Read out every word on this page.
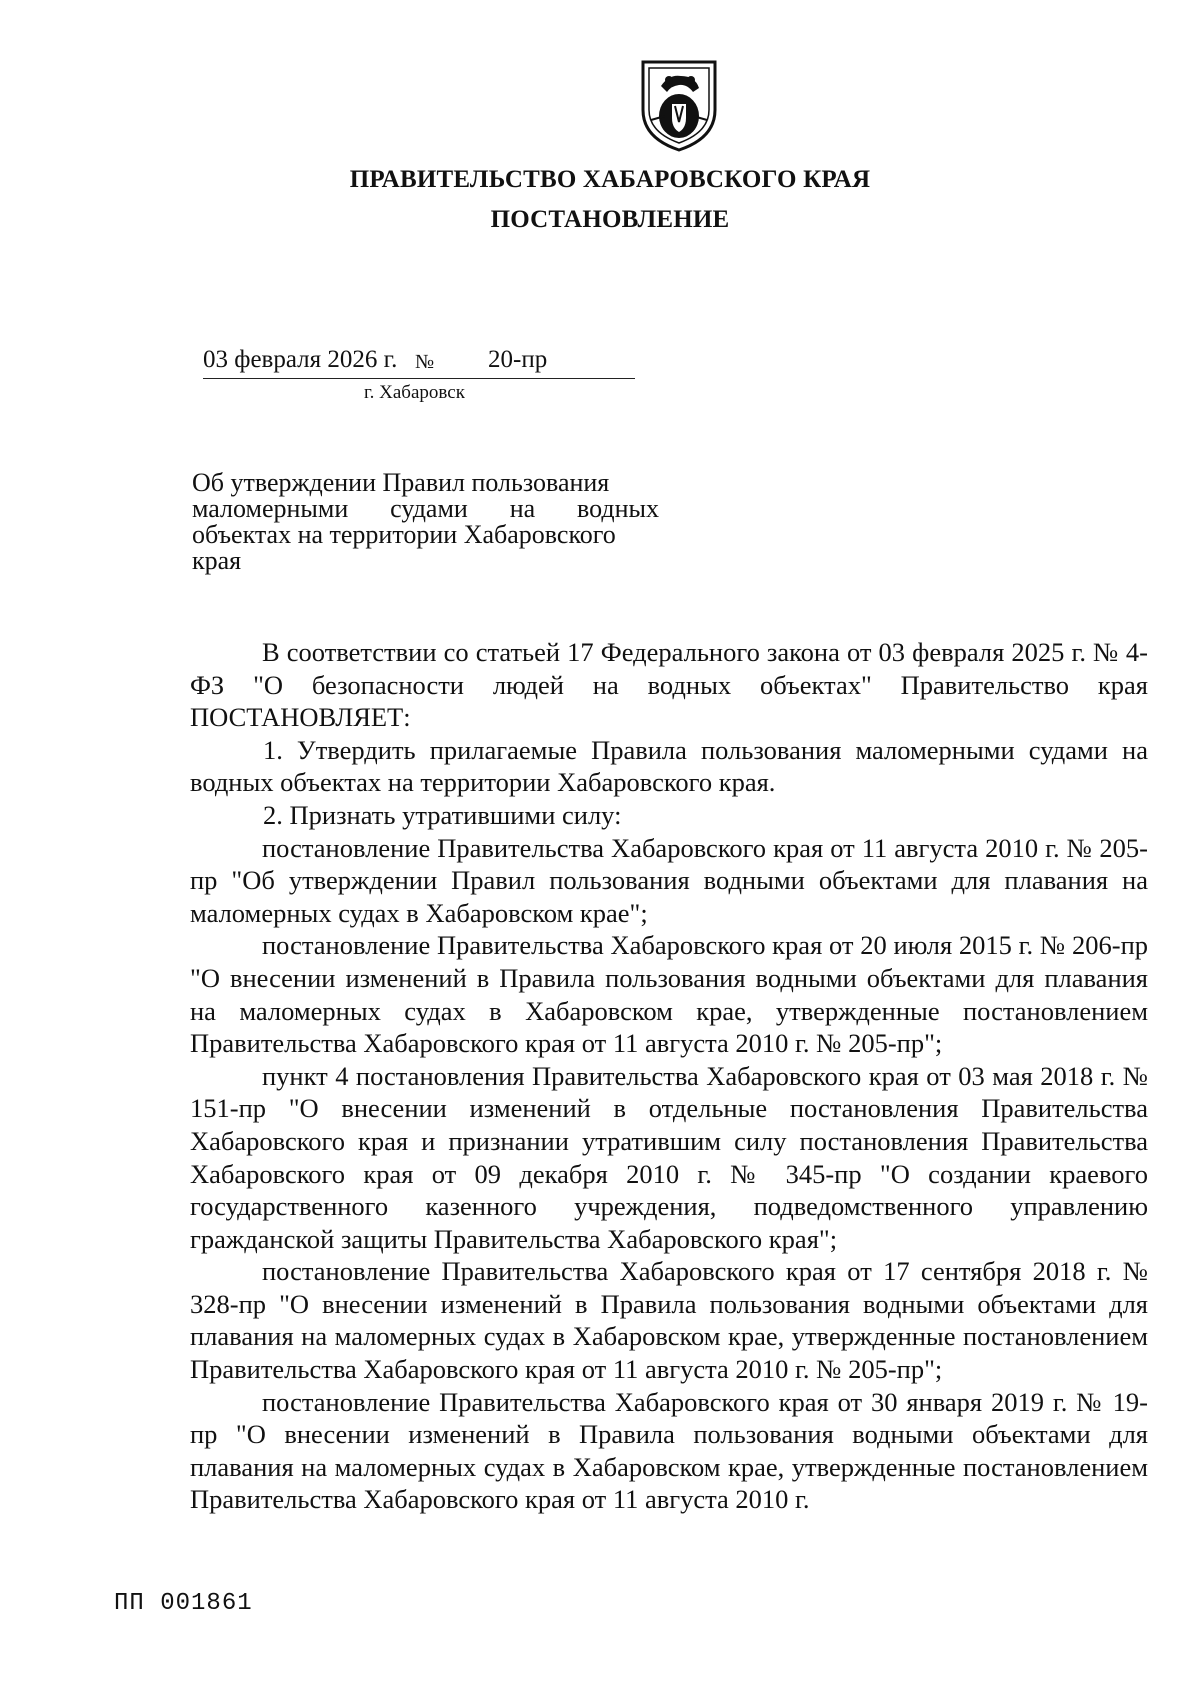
ПРАВИТЕЛЬСТВО ХАБАРОВСКОГО КРАЯ
ПОСТАНОВЛЕНИЕ
03 февраля 2026 г. № 20-пр
г. Хабаровск
Об утверждении Правил пользования
маломерными судами на водных
объектах на территории Хабаровского
края

В соответствии со статьей 17 Федерального закона от 03 февраля 2025 г. № 4-ФЗ "О безопасности людей на водных объектах" Правительство края ПОСТАНОВЛЯЕТ:

1. Утвердить прилагаемые Правила пользования маломерными судами на водных объектах на территории Хабаровского края.

2. Признать утратившими силу:

постановление Правительства Хабаровского края от 11 августа 2010 г. № 205-пр "Об утверждении Правил пользования водными объектами для плавания на маломерных судах в Хабаровском крае";

постановление Правительства Хабаровского края от 20 июля 2015 г. № 206-пр "О внесении изменений в Правила пользования водными объектами для плавания на маломерных судах в Хабаровском крае, утвержденные постановлением Правительства Хабаровского края от 11 августа 2010 г. № 205-пр";

пункт 4 постановления Правительства Хабаровского края от 03 мая 2018 г. № 151-пр "О внесении изменений в отдельные постановления Правительства Хабаровского края и признании утратившим силу постановления Правительства Хабаровского края от 09 декабря 2010 г. № 345-пр "О создании краевого государственного казенного учреждения, подведомственного управлению гражданской защиты Правительства Хабаровского края";

постановление Правительства Хабаровского края от 17 сентября 2018 г. № 328-пр "О внесении изменений в Правила пользования водными объектами для плавания на маломерных судах в Хабаровском крае, утвержденные постановлением Правительства Хабаровского края от 11 августа 2010 г. № 205-пр";

постановление Правительства Хабаровского края от 30 января 2019 г. № 19-пр "О внесении изменений в Правила пользования водными объектами для плавания на маломерных судах в Хабаровском крае, утвержденные постановлением Правительства Хабаровского края от 11 августа 2010 г.

ПП 001861
